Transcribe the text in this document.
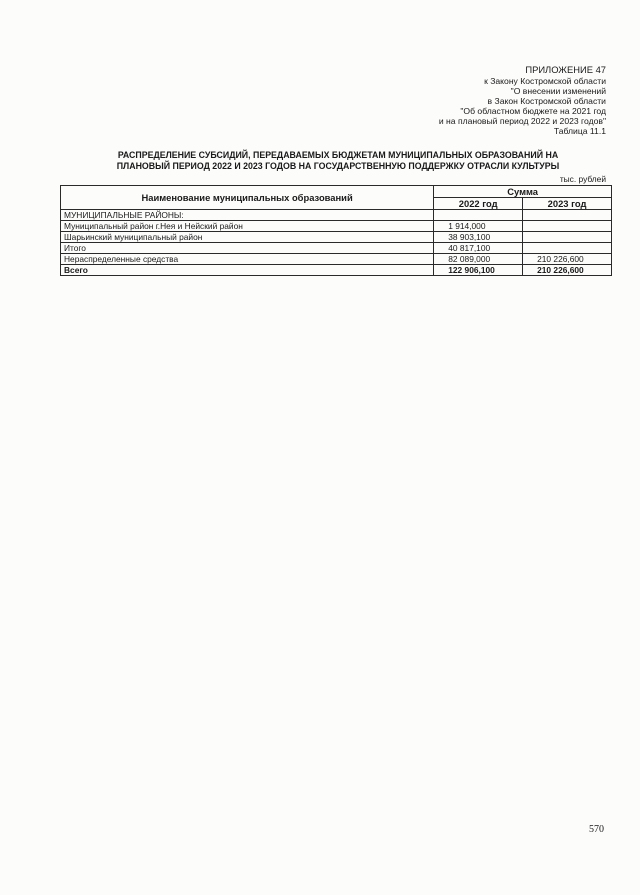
ПРИЛОЖЕНИЕ 47
к Закону Костромской области
"О внесении изменений
в Закон Костромской области
"Об областном бюджете на 2021 год
и на плановый период 2022 и 2023 годов"
Таблица 11.1
РАСПРЕДЕЛЕНИЕ СУБСИДИЙ, ПЕРЕДАВАЕМЫХ БЮДЖЕТАМ МУНИЦИПАЛЬНЫХ ОБРАЗОВАНИЙ НА
ПЛАНОВЫЙ ПЕРИОД 2022 И 2023 ГОДОВ НА ГОСУДАРСТВЕННУЮ ПОДДЕРЖКУ ОТРАСЛИ КУЛЬТУРЫ
тыс. рублей
Наименование муниципальных образований	Сумма	
	2022 год	2023 год
МУНИЦИПАЛЬНЫЕ РАЙОНЫ:		
Муниципальный район г.Нея и Нейский район	1 914,000	
Шарьинский муниципальный район	38 903,100	
Итого	40 817,100	
Нераспределенные средства	82 089,000	210 226,600
Всего	122 906,100	210 226,600
570
